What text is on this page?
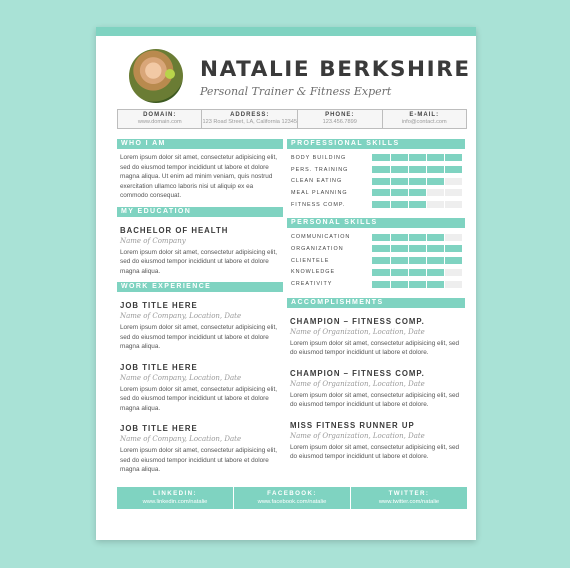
NATALIE BERKSHIRE
Personal Trainer & Fitness Expert
DOMAIN:
www.domain.com
ADDRESS:
123 Road Street, LA, California 12345
PHONE:
123.456.7899
E-MAIL:
info@contact.com
WHO I AM
Lorem ipsum dolor sit amet, consectetur adipisicing elit, sed do eiusmod tempor incididunt ut labore et dolore magna aliqua. Ut enim ad minim veniam, quis nostrud exercitation ullamco laboris nisi ut aliquip ex ea commodo consequat.
MY EDUCATION
BACHELOR OF HEALTH
Name of Company
Lorem ipsum dolor sit amet, consectetur adipisicing elit, sed do eiusmod tempor incididunt ut labore et dolore magna aliqua.
WORK EXPERIENCE
JOB TITLE HERE
Name of Company, Location, Date
Lorem ipsum dolor sit amet, consectetur adipisicing elit, sed do eiusmod tempor incididunt ut labore et dolore magna aliqua.
JOB TITLE HERE
Name of Company, Location, Date
Lorem ipsum dolor sit amet, consectetur adipisicing elit, sed do eiusmod tempor incididunt ut labore et dolore magna aliqua.
JOB TITLE HERE
Name of Company, Location, Date
Lorem ipsum dolor sit amet, consectetur adipisicing elit, sed do eiusmod tempor incididunt ut labore et dolore magna aliqua.
PROFESSIONAL SKILLS
BODY BUILDING
PERS. TRAINING
CLEAN EATING
MEAL PLANNING
FITNESS COMP.
PERSONAL SKILLS
COMMUNICATION
ORGANIZATION
CLIENTELE
KNOWLEDGE
CREATIVITY
ACCOMPLISHMENTS
CHAMPION – FITNESS COMP.
Name of Organization, Location, Date
Lorem ipsum dolor sit amet, consectetur adipisicing elit, sed do eiusmod tempor incididunt ut labore et dolore.
CHAMPION – FITNESS COMP.
Name of Organization, Location, Date
Lorem ipsum dolor sit amet, consectetur adipisicing elit, sed do eiusmod tempor incididunt ut labore et dolore.
MISS FITNESS RUNNER UP
Name of Organization, Location, Date
Lorem ipsum dolor sit amet, consectetur adipisicing elit, sed do eiusmod tempor incididunt ut labore et dolore.
LINKEDIN:
www.linkedin.com/natalie
FACEBOOK:
www.facebook.com/natalie
TWITTER:
www.twitter.com/natalie
